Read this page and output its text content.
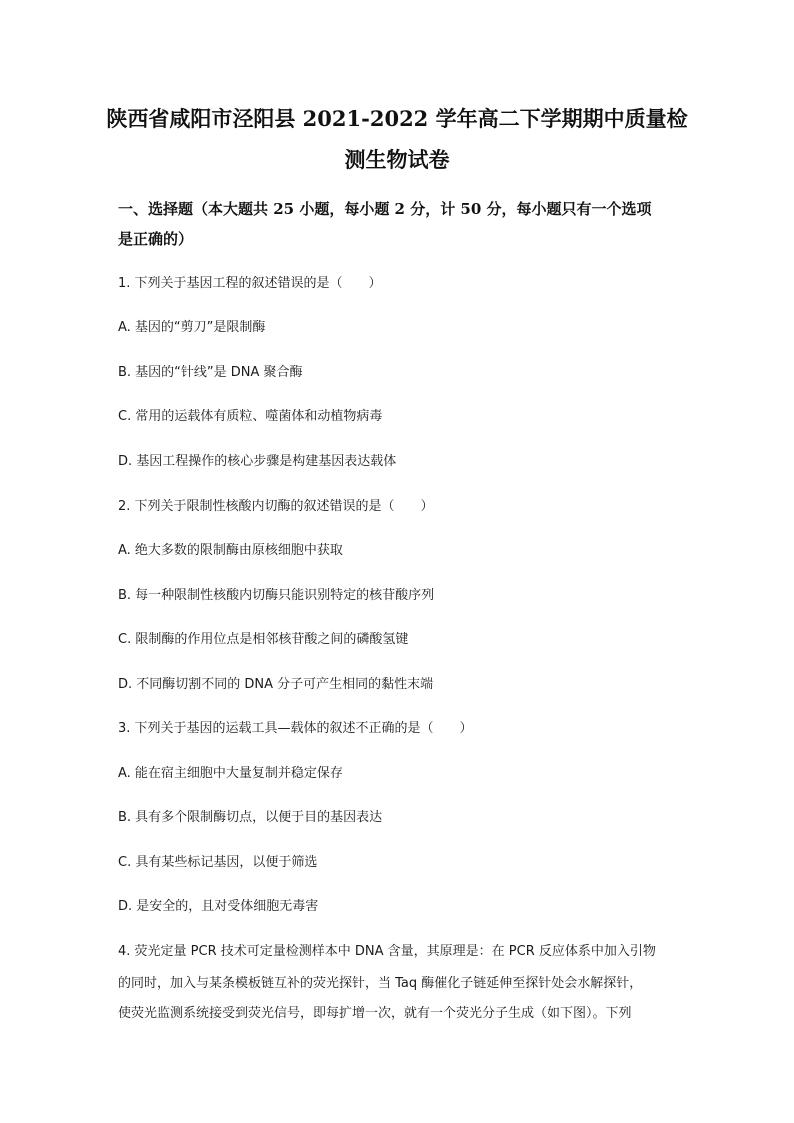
陕西省咸阳市泾阳县 2021-2022 学年高二下学期期中质量检
测生物试卷
一、选择题（本大题共 25 小题，每小题 2 分，计 50 分，每小题只有一个选项
是正确的）
1. 下列关于基因工程的叙述错误的是（　　）
A. 基因的“剪刀”是限制酶
B. 基因的“针线”是 DNA 聚合酶
C. 常用的运载体有质粒、噬菌体和动植物病毒
D. 基因工程操作的核心步骤是构建基因表达载体
2. 下列关于限制性核酸内切酶的叙述错误的是（　　）
A. 绝大多数的限制酶由原核细胞中获取
B. 每一种限制性核酸内切酶只能识别特定的核苷酸序列
C. 限制酶的作用位点是相邻核苷酸之间的磷酸氢键
D. 不同酶切割不同的 DNA 分子可产生相同的黏性末端
3. 下列关于基因的运载工具—载体的叙述不正确的是（　　）
A. 能在宿主细胞中大量复制并稳定保存
B. 具有多个限制酶切点，以便于目的基因表达
C. 具有某些标记基因，以便于筛选
D. 是安全的，且对受体细胞无毒害
4. 荧光定量 PCR 技术可定量检测样本中 DNA 含量，其原理是：在 PCR 反应体系中加入引物
的同时，加入与某条模板链互补的荧光探针，当 Taq 酶催化子链延伸至探针处会水解探针，
使荧光监测系统接受到荧光信号，即每扩增一次，就有一个荧光分子生成（如下图）。下列
